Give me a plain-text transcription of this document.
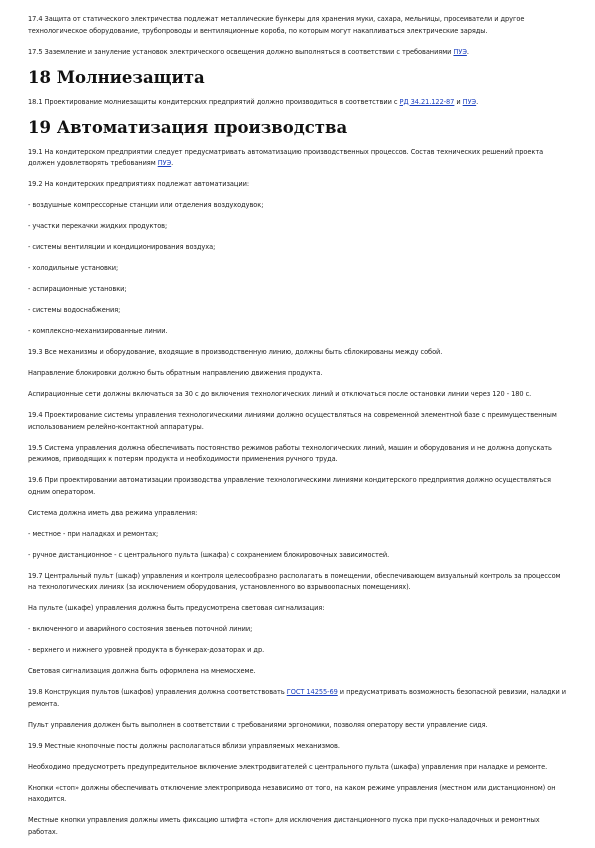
17.4 Защита от статического электричества подлежат металлические бункеры для хранения муки, сахара, мельницы, просеиватели и другое технологическое оборудование, трубопроводы и вентиляционные короба, по которым могут накапливаться электрические заряды.

17.5 Заземление и зануление установок электрического освещения должно выполняться в соответствии с требованиями ПУЭ.

18 Молниезащита

18.1 Проектирование молниезащиты кондитерских предприятий должно производиться в соответствии с РД 34.21.122-87 и ПУЭ.

19 Автоматизация производства

19.1 На кондитерском предприятии следует предусматривать автоматизацию производственных процессов. Состав технических решений проекта должен удовлетворять требованиям ПУЭ.

19.2 На кондитерских предприятиях подлежат автоматизации:

- воздушные компрессорные станции или отделения воздуходувок;

- участки перекачки жидких продуктов;

- системы вентиляции и кондиционирования воздуха;

- холодильные установки;

- аспирационные установки;

- системы водоснабжения;

- комплексно-механизированные линии.

19.3 Все механизмы и оборудование, входящие в производственную линию, должны быть сблокированы между собой.

Направление блокировки должно быть обратным направлению движения продукта.

Аспирационные сети должны включаться за 30 с до включения технологических линий и отключаться после остановки линии через 120 - 180 с.

19.4 Проектирование системы управления технологическими линиями должно осуществляться на современной элементной базе с преимущественным использованием релейно-контактной аппаратуры.

19.5 Система управления должна обеспечивать постоянство режимов работы технологических линий, машин и оборудования и не должна допускать режимов, приводящих к потерям продукта и необходимости применения ручного труда.

19.6 При проектировании автоматизации производства управление технологическими линиями кондитерского предприятия должно осуществляться одним оператором.

Система должна иметь два режима управления:

- местное - при наладках и ремонтах;

- ручное дистанционное - с центрального пульта (шкафа) с сохранением блокировочных зависимостей.

19.7 Центральный пульт (шкаф) управления и контроля целесообразно располагать в помещении, обеспечивающем визуальный контроль за процессом на технологических линиях (за исключением оборудования, установленного во взрывоопасных помещениях).

На пульте (шкафе) управления должна быть предусмотрена световая сигнализация:

- включенного и аварийного состояния звеньев поточной линии;

- верхнего и нижнего уровней продукта в бункерах-дозаторах и др.

Световая сигнализация должна быть оформлена на мнемосхеме.

19.8 Конструкция пультов (шкафов) управления должна соответствовать ГОСТ 14255-69 и предусматривать возможность безопасной ревизии, наладки и ремонта.

Пульт управления должен быть выполнен в соответствии с требованиями эргономики, позволяя оператору вести управление сидя.

19.9 Местные кнопочные посты должны располагаться вблизи управляемых механизмов.

Необходимо предусмотреть предупредительное включение электродвигателей с центрального пульта (шкафа) управления при наладке и ремонте.

Кнопки «стоп» должны обеспечивать отключение электропривода независимо от того, на каком режиме управления (местном или дистанционном) он находится.

Местные кнопки управления должны иметь фиксацию штифта «стоп» для исключения дистанционного пуска при пуско-наладочных и ремонтных работах.
